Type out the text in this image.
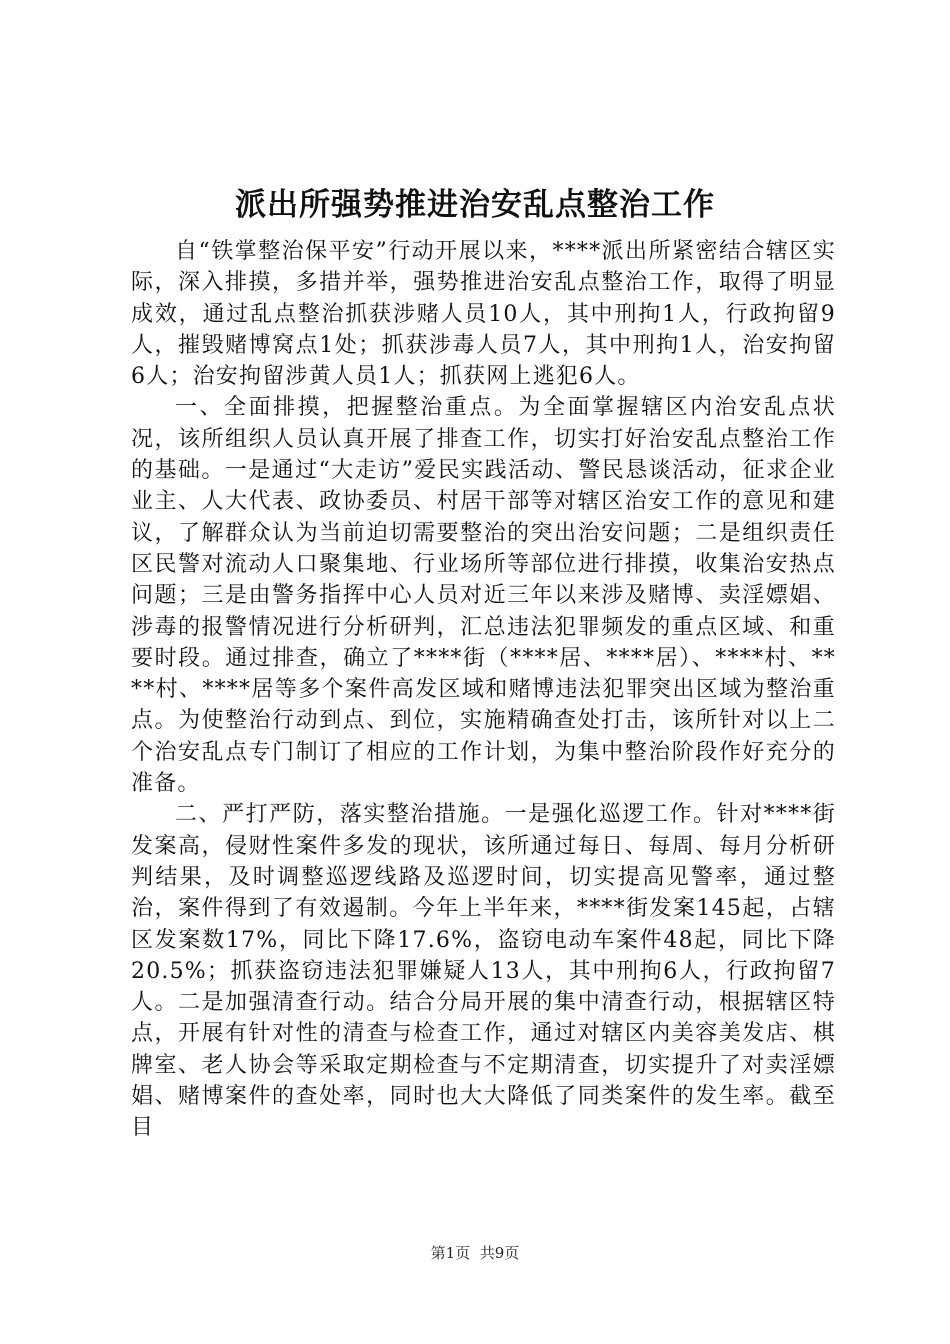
派出所强势推进治安乱点整治工作

自“铁掌整治保平安”行动开展以来，****派出所紧密结合辖区实际，深入排摸，多措并举，强势推进治安乱点整治工作，取得了明显成效，通过乱点整治抓获涉赌人员10人，其中刑拘1人，行政拘留9人，摧毁赌博窝点1处；抓获涉毒人员7人，其中刑拘1人，治安拘留6人；治安拘留涉黄人员1人；抓获网上逃犯6人。

一、全面排摸，把握整治重点。为全面掌握辖区内治安乱点状况，该所组织人员认真开展了排查工作，切实打好治安乱点整治工作的基础。一是通过“大走访”爱民实践活动、警民恳谈活动，征求企业业主、人大代表、政协委员、村居干部等对辖区治安工作的意见和建议，了解群众认为当前迫切需要整治的突出治安问题；二是组织责任区民警对流动人口聚集地、行业场所等部位进行排摸，收集治安热点问题；三是由警务指挥中心人员对近三年以来涉及赌博、卖淫嫖娼、涉毒的报警情况进行分析研判，汇总违法犯罪频发的重点区域、和重要时段。通过排查，确立了****街（****居、****居）、****村、****村、****居等多个案件高发区域和赌博违法犯罪突出区域为整治重点。为使整治行动到点、到位，实施精确查处打击，该所针对以上二个治安乱点专门制订了相应的工作计划，为集中整治阶段作好充分的准备。

二、严打严防，落实整治措施。一是强化巡逻工作。针对****街发案高，侵财性案件多发的现状，该所通过每日、每周、每月分析研判结果，及时调整巡逻线路及巡逻时间，切实提高见警率，通过整治，案件得到了有效遏制。今年上半年来，****街发案145起，占辖区发案数17%，同比下降17.6%，盗窃电动车案件48起，同比下降20.5%；抓获盗窃违法犯罪嫌疑人13人，其中刑拘6人，行政拘留7人。二是加强清查行动。结合分局开展的集中清查行动，根据辖区特点，开展有针对性的清查与检查工作，通过对辖区内美容美发店、棋牌室、老人协会等采取定期检查与不定期清查，切实提升了对卖淫嫖娼、赌博案件的查处率，同时也大大降低了同类案件的发生率。截至目

第1页 共9页
